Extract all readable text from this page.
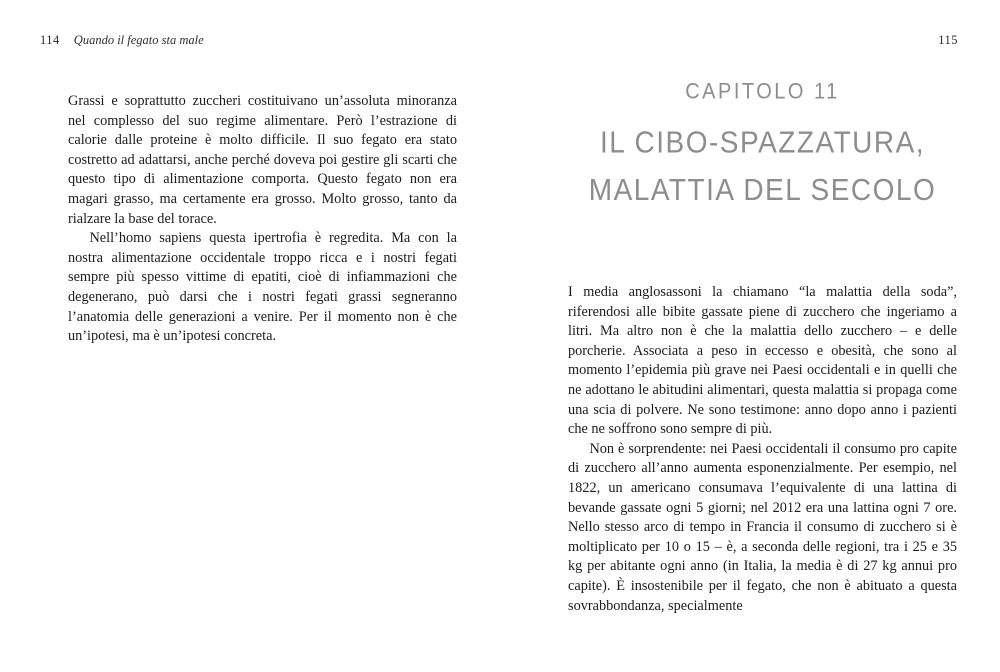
114 Quando il fegato sta male

Grassi e soprattutto zuccheri costituivano un’assoluta minoranza nel complesso del suo regime alimentare. Però l’estrazione di calorie dalle proteine è molto difficile. Il suo fegato era stato costretto ad adattarsi, anche perché doveva poi gestire gli scarti che questo tipo di alimentazione comporta. Questo fegato non era magari grasso, ma certamente era grosso. Molto grosso, tanto da rialzare la base del torace.

Nell’homo sapiens questa ipertrofia è regredita. Ma con la nostra alimentazione occidentale troppo ricca e i nostri fegati sempre più spesso vittime di epatiti, cioè di infiammazioni che degenerano, può darsi che i nostri fegati grassi segneranno l’anatomia delle generazioni a venire. Per il momento non è che un’ipotesi, ma è un’ipotesi concreta.

115
CAPITOLO 11
IL CIBO-SPAZZATURA,
MALATTIA DEL SECOLO

I media anglosassoni la chiamano “la malattia della soda”, riferendosi alle bibite gassate piene di zucchero che ingeriamo a litri. Ma altro non è che la malattia dello zucchero – e delle porcherie. Associata a peso in eccesso e obesità, che sono al momento l’epidemia più grave nei Paesi occidentali e in quelli che ne adottano le abitudini alimentari, questa malattia si propaga come una scia di polvere. Ne sono testimone: anno dopo anno i pazienti che ne soffrono sono sempre di più.

Non è sorprendente: nei Paesi occidentali il consumo pro capite di zucchero all’anno aumenta esponenzialmente. Per esempio, nel 1822, un americano consumava l’equivalente di una lattina di bevande gassate ogni 5 giorni; nel 2012 era una lattina ogni 7 ore. Nello stesso arco di tempo in Francia il consumo di zucchero si è moltiplicato per 10 o 15 – è, a seconda delle regioni, tra i 25 e 35 kg per abitante ogni anno (in Italia, la media è di 27 kg annui pro capite). È insostenibile per il fegato, che non è abituato a questa sovrabbondanza, specialmente
